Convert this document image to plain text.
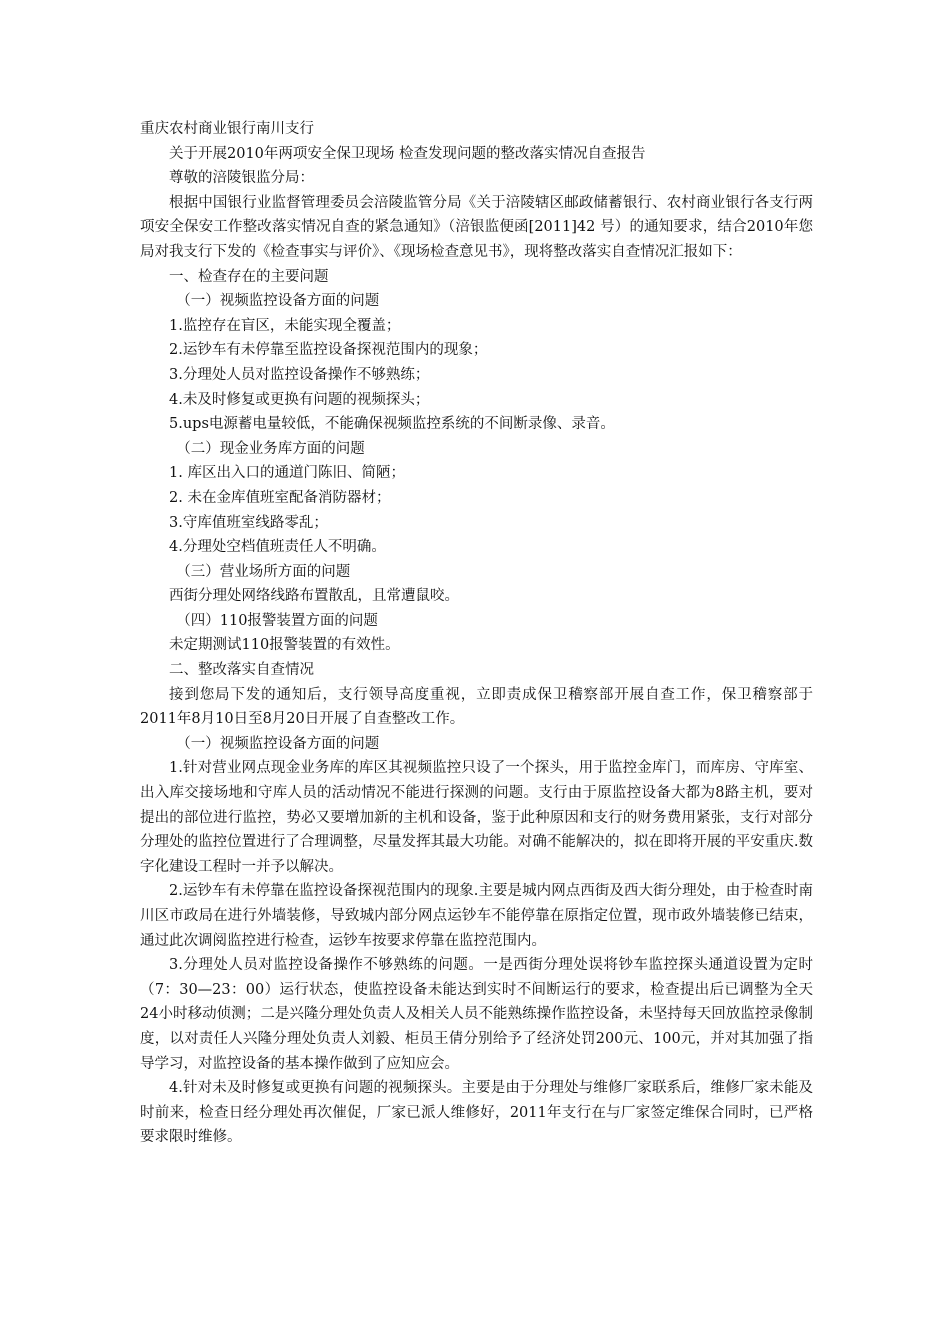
重庆农村商业银行南川支行

关于开展2010年两项安全保卫现场 检查发现问题的整改落实情况自查报告

尊敬的涪陵银监分局：

根据中国银行业监督管理委员会涪陵监管分局《关于涪陵辖区邮政储蓄银行、农村商业银行各支行两项安全保安工作整改落实情况自查的紧急通知》（涪银监便函[2011]42 号）的通知要求，结合2010年您局对我支行下发的《检查事实与评价》、《现场检查意见书》，现将整改落实自查情况汇报如下：

一、检查存在的主要问题

（一）视频监控设备方面的问题

1.监控存在盲区，未能实现全覆盖；

2.运钞车有未停靠至监控设备探视范围内的现象；

3.分理处人员对监控设备操作不够熟练；

4.未及时修复或更换有问题的视频探头；

5.ups电源蓄电量较低，不能确保视频监控系统的不间断录像、录音。

（二）现金业务库方面的问题

1. 库区出入口的通道门陈旧、简陋；

2. 未在金库值班室配备消防器材；

3.守库值班室线路零乱；

4.分理处空档值班责任人不明确。

（三）营业场所方面的问题

西街分理处网络线路布置散乱，且常遭鼠咬。

（四）110报警装置方面的问题

未定期测试110报警装置的有效性。

二、整改落实自查情况

接到您局下发的通知后，支行领导高度重视，立即责成保卫稽察部开展自查工作，保卫稽察部于2011年8月10日至8月20日开展了自查整改工作。

（一）视频监控设备方面的问题

1.针对营业网点现金业务库的库区其视频监控只设了一个探头，用于监控金库门，而库房、守库室、出入库交接场地和守库人员的活动情况不能进行探测的问题。支行由于原监控设备大都为8路主机，要对提出的部位进行监控，势必又要增加新的主机和设备，鉴于此种原因和支行的财务费用紧张，支行对部分分理处的监控位置进行了合理调整，尽量发挥其最大功能。对确不能解决的，拟在即将开展的平安重庆.数字化建设工程时一并予以解决。

2.运钞车有未停靠在监控设备探视范围内的现象.主要是城内网点西街及西大街分理处，由于检查时南川区市政局在进行外墙装修，导致城内部分网点运钞车不能停靠在原指定位置，现市政外墙装修已结束，通过此次调阅监控进行检查，运钞车按要求停靠在监控范围内。

3.分理处人员对监控设备操作不够熟练的问题。一是西街分理处误将钞车监控探头通道设置为定时（7：30—23：00）运行状态，使监控设备未能达到实时不间断运行的要求，检查提出后已调整为全天24小时移动侦测；二是兴隆分理处负责人及相关人员不能熟练操作监控设备，未坚持每天回放监控录像制度，以对责任人兴隆分理处负责人刘毅、柜员王倩分别给予了经济处罚200元、100元，并对其加强了指导学习，对监控设备的基本操作做到了应知应会。

4.针对未及时修复或更换有问题的视频探头。主要是由于分理处与维修厂家联系后，维修厂家未能及时前来，检查日经分理处再次催促，厂家已派人维修好，2011年支行在与厂家签定维保合同时，已严格要求限时维修。
